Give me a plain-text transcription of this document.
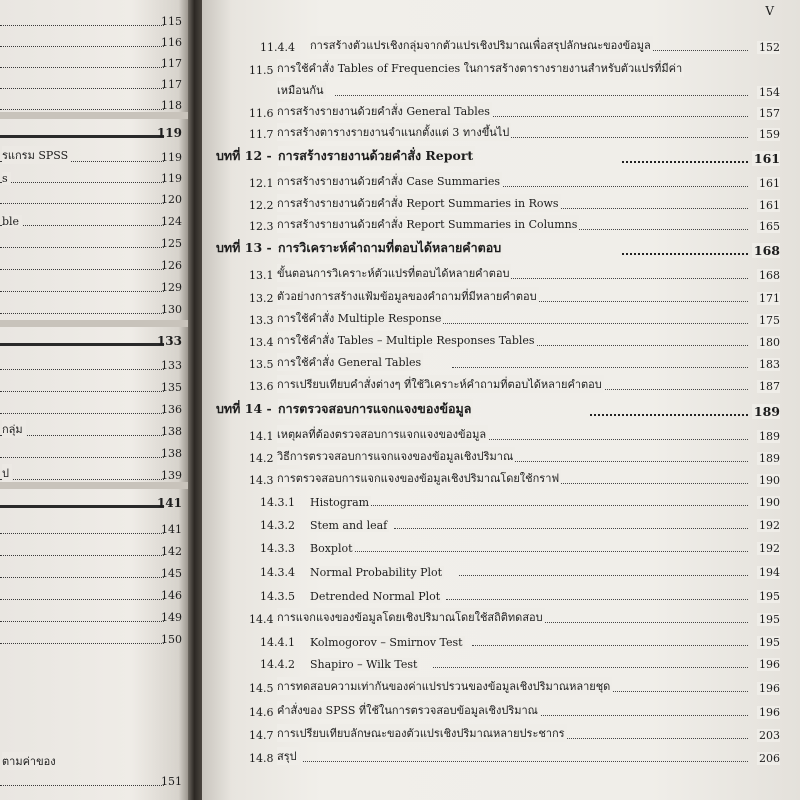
115
116
117
117
118
119
รแกรม SPSS	119
s	119
120
ble	124
125
126
129
130
133
133
135
136
กลุ่ม	138
138
ป	139
141
141
142
145
146
149
150
ตามค่าของ
151
V
11.4.4 การสร้างตัวแปรเชิงกลุ่มจากตัวแปรเชิงปริมาณเพื่อสรุปลักษณะของข้อมูล	152
11.5 การใช้คำสั่ง Tables of Frequencies ในการสร้างตารางรายงานสำหรับตัวแปรที่มีค่า
เหมือนกัน	154
11.6 การสร้างรายงานด้วยคำสั่ง General Tables	157
11.7 การสร้างตารางรายงานจำแนกตั้งแต่ 3 ทางขึ้นไป	159
บทที่ 12 - การสร้างรายงานด้วยคำสั่ง Report	161
12.1 การสร้างรายงานด้วยคำสั่ง Case Summaries	161
12.2 การสร้างรายงานด้วยคำสั่ง Report Summaries in Rows	161
12.3 การสร้างรายงานด้วยคำสั่ง Report Summaries in Columns	165
บทที่ 13 - การวิเคราะห์คำถามที่ตอบได้หลายคำตอบ	168
13.1 ขั้นตอนการวิเคราะห์ตัวแปรที่ตอบได้หลายคำตอบ	168
13.2 ตัวอย่างการสร้างแฟ้มข้อมูลของคำถามที่มีหลายคำตอบ	171
13.3 การใช้คำสั่ง Multiple Response	175
13.4 การใช้คำสั่ง Tables – Multiple Responses Tables	180
13.5 การใช้คำสั่ง General Tables	183
13.6 การเปรียบเทียบคำสั่งต่างๆ ที่ใช้วิเคราะห์คำถามที่ตอบได้หลายคำตอบ	187
บทที่ 14 - การตรวจสอบการแจกแจงของข้อมูล	189
14.1 เหตุผลที่ต้องตรวจสอบการแจกแจงของข้อมูล	189
14.2 วิธีการตรวจสอบการแจกแจงของข้อมูลเชิงปริมาณ	189
14.3 การตรวจสอบการแจกแจงของข้อมูลเชิงปริมาณโดยใช้กราฟ	190
14.3.1 Histogram	190
14.3.2 Stem and leaf	192
14.3.3 Boxplot	192
14.3.4 Normal Probability Plot	194
14.3.5 Detrended Normal Plot	195
14.4 การแจกแจงของข้อมูลโดยเชิงปริมาณโดยใช้สถิติทดสอบ	195
14.4.1 Kolmogorov – Smirnov Test	195
14.4.2 Shapiro – Wilk Test	196
14.5 การทดสอบความเท่ากันของค่าแปรปรวนของข้อมูลเชิงปริมาณหลายชุด	196
14.6 คำสั่งของ SPSS ที่ใช้ในการตรวจสอบข้อมูลเชิงปริมาณ	196
14.7 การเปรียบเทียบลักษณะของตัวแปรเชิงปริมาณหลายประชากร	203
14.8 สรุป	206
